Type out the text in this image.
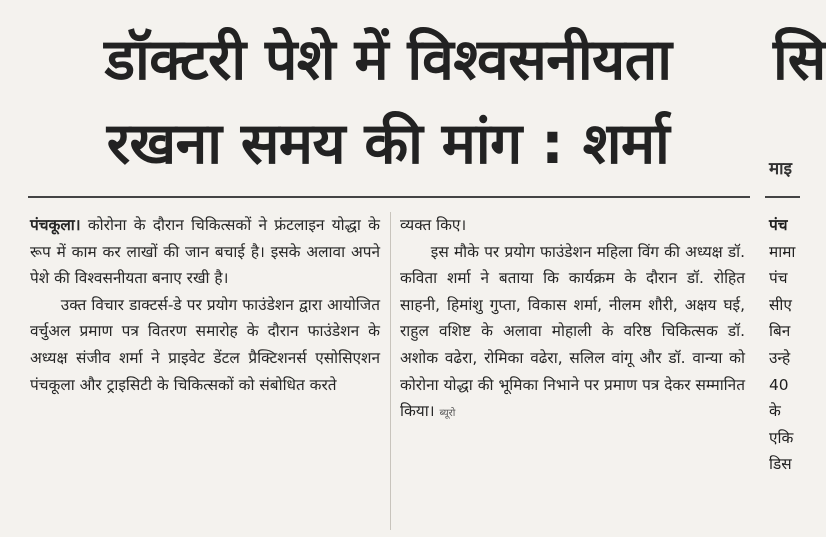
डॉक्टरी पेशे में विश्वसनीयता
रखना समय की मांग : शर्मा

पंचकूला। कोरोना के दौरान चिकित्सकों ने फ्रंटलाइन योद्धा के रूप में काम कर लाखों की जान बचाई है। इसके अलावा अपने पेशे की विश्वसनीयता बनाए रखी है।

उक्त विचार डाक्टर्स-डे पर प्रयोग फाउंडेशन द्वारा आयोजित वर्चुअल प्रमाण पत्र वितरण समारोह के दौरान फाउंडेशन के अध्यक्ष संजीव शर्मा ने प्राइवेट डेंटल प्रैक्टिशनर्स एसोसिएशन पंचकूला और ट्राइसिटी के चिकित्सकों को संबोधित करते

व्यक्त किए।

इस मौके पर प्रयोग फाउंडेशन महिला विंग की अध्यक्ष डॉ. कविता शर्मा ने बताया कि कार्यक्रम के दौरान डॉ. रोहित साहनी, हिमांशु गुप्ता, विकास शर्मा, नीलम शौरी, अक्षय घई, राहुल वशिष्ट के अलावा मोहाली के वरिष्ठ चिकित्सक डॉ. अशोक वढेरा, रोमिका वढेरा, सलिल वांगू और डॉ. वान्या को कोरोना योद्धा की भूमिका निभाने पर प्रमाण पत्र देकर सम्मानित किया। ब्यूरो

सि
माइ
पंच
मामा
पंच
सीए
बिन
उन्हे
40
के
एकि
डिस
